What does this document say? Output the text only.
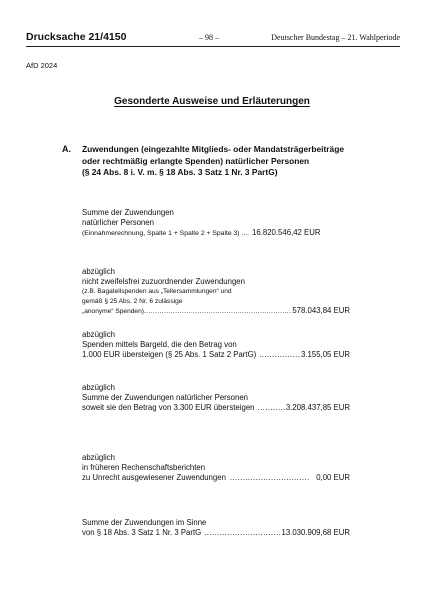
Drucksache 21/4150	– 98 –	Deutscher Bundestag – 21. Wahlperiode
AfD 2024
Gesonderte Ausweise und Erläuterungen
A. Zuwendungen (eingezahlte Mitglieds- oder Mandatsträgerbeiträge
oder rechtmäßig erlangte Spenden) natürlicher Personen
(§ 24 Abs. 8 i. V. m. § 18 Abs. 3 Satz 1 Nr. 3 PartG)
Summe der Zuwendungen
natürlicher Personen
(Einnahmerechnung, Spalte 1 + Spalte 2 + Spalte 3) .... 16.820.546,42 EUR
abzüglich
nicht zweifelsfrei zuzuordnender Zuwendungen
(z.B. Bagatellspenden aus „Tellersammlungen“ und
gemäß § 25 Abs. 2 Nr. 6 zulässige
„anonyme“ Spenden) .....	578.043,84 EUR
abzüglich
Spenden mittels Bargeld, die den Betrag von
1.000 EUR übersteigen (§ 25 Abs. 1 Satz 2 PartG) .....	3.155,05 EUR
abzüglich
Summe der Zuwendungen natürlicher Personen
soweit sie den Betrag von 3.300 EUR übersteigen .....	3.208.437,85 EUR
abzüglich
in früheren Rechenschaftsberichten
zu Unrecht ausgewiesener Zuwendungen .....	0,00 EUR
Summe der Zuwendungen im Sinne
von § 18 Abs. 3 Satz 1 Nr. 3 PartG .....	13.030.909,68 EUR
